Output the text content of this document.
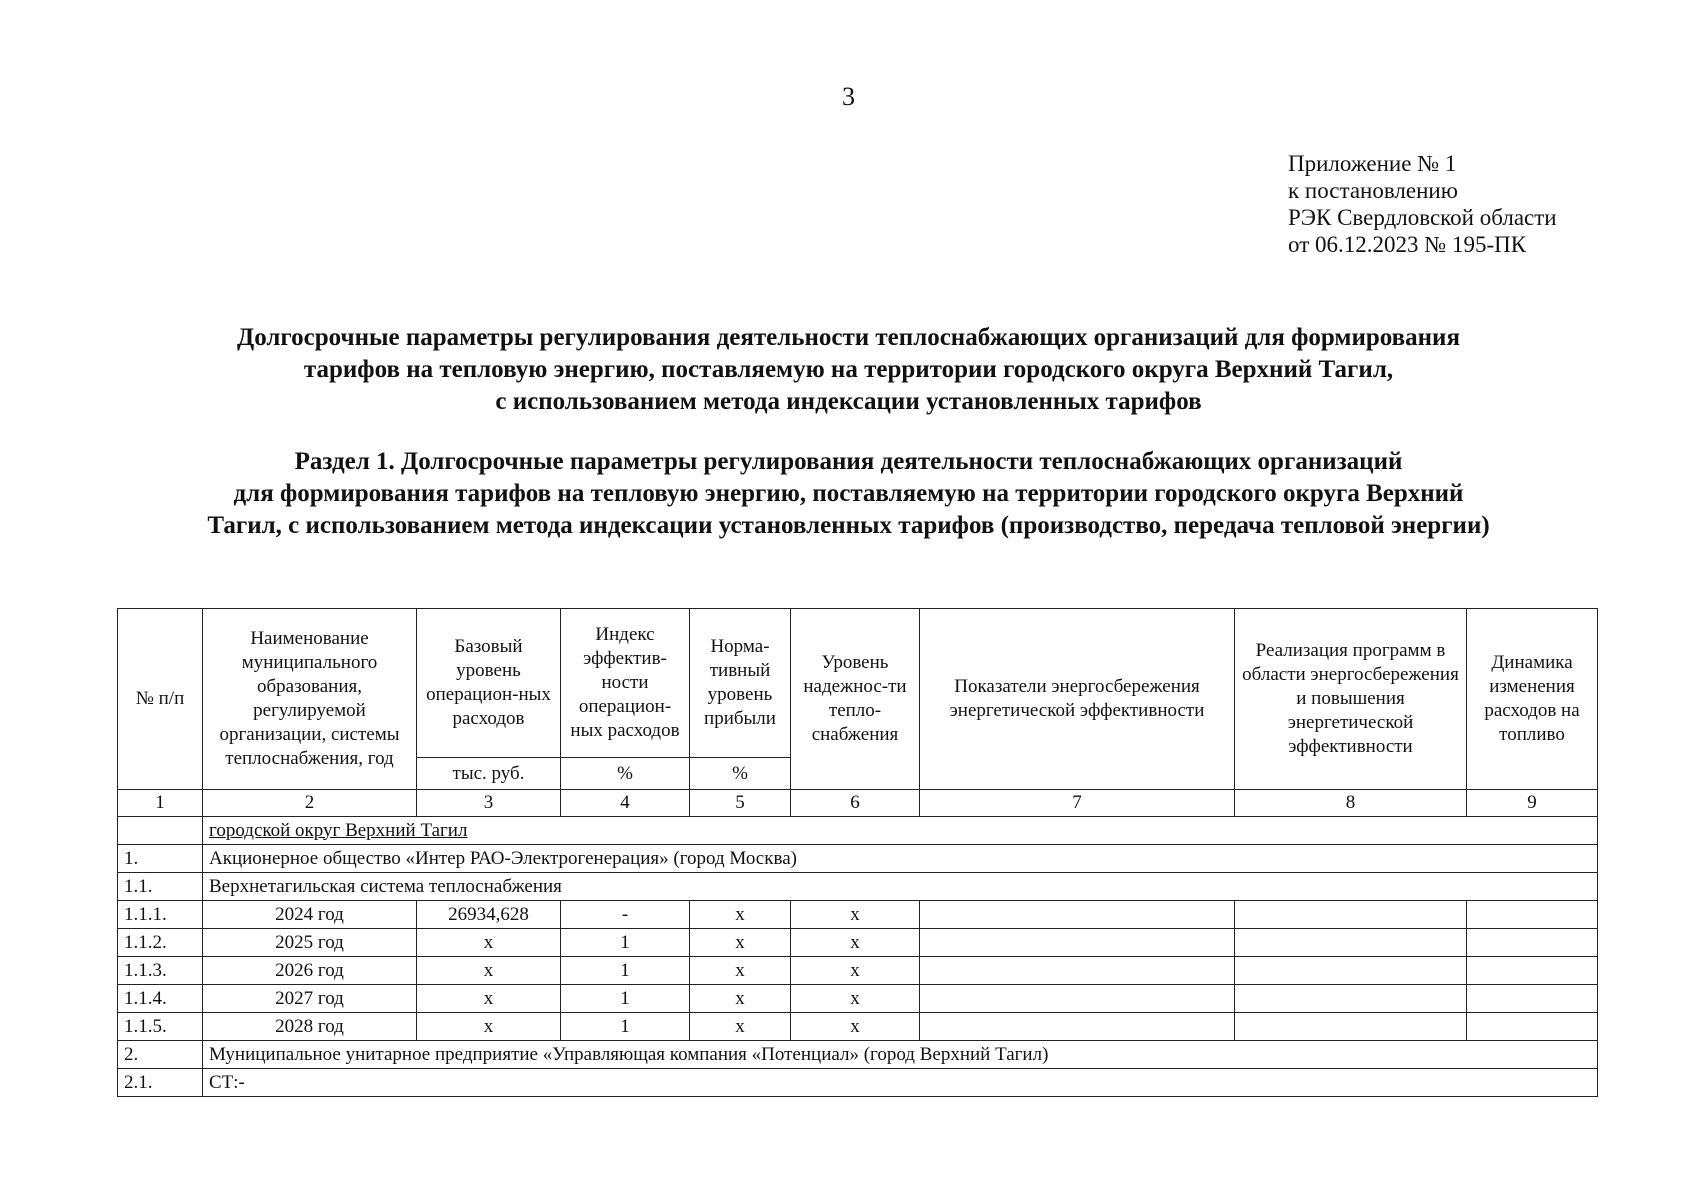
3
Приложение № 1
к постановлению
РЭК Свердловской области
от 06.12.2023 № 195-ПК
Долгосрочные параметры регулирования деятельности теплоснабжающих организаций для формирования
тарифов на тепловую энергию, поставляемую на территории городского округа Верхний Тагил,
с использованием метода индексации установленных тарифов
Раздел 1. Долгосрочные параметры регулирования деятельности теплоснабжающих организаций
для формирования тарифов на тепловую энергию, поставляемую на территории городского округа Верхний
Тагил, с использованием метода индексации установленных тарифов (производство, передача тепловой энергии)
№ п/п	Наименование муниципального образования, регулируемой организации, системы теплоснабжения, год	Базовый уровень операцион-ных расходов	Индекс эффектив-ности операцион-ных расходов	Норма-тивный уровень прибыли	Уровень надежнос-ти тепло-снабжения	Показатели энергосбережения энергетической эффективности	Реализация программ в области энергосбережения и повышения энергетической эффективности	Динамика изменения расходов на топливо
		тыс. руб.	%	%				
1	2	3	4	5	6	7	8	9
	городской округ Верхний Тагил							
1.	Акционерное общество «Интер РАО-Электрогенерация» (город Москва)							
1.1.	Верхнетагильская система теплоснабжения							
1.1.1.	2024 год	26934,628	-	x	x			
1.1.2.	2025 год	x	1	x	x			
1.1.3.	2026 год	x	1	x	x			
1.1.4.	2027 год	x	1	x	x			
1.1.5.	2028 год	x	1	x	x			
2.	Муниципальное унитарное предприятие «Управляющая компания «Потенциал» (город Верхний Тагил)							
2.1.	СТ:-							
